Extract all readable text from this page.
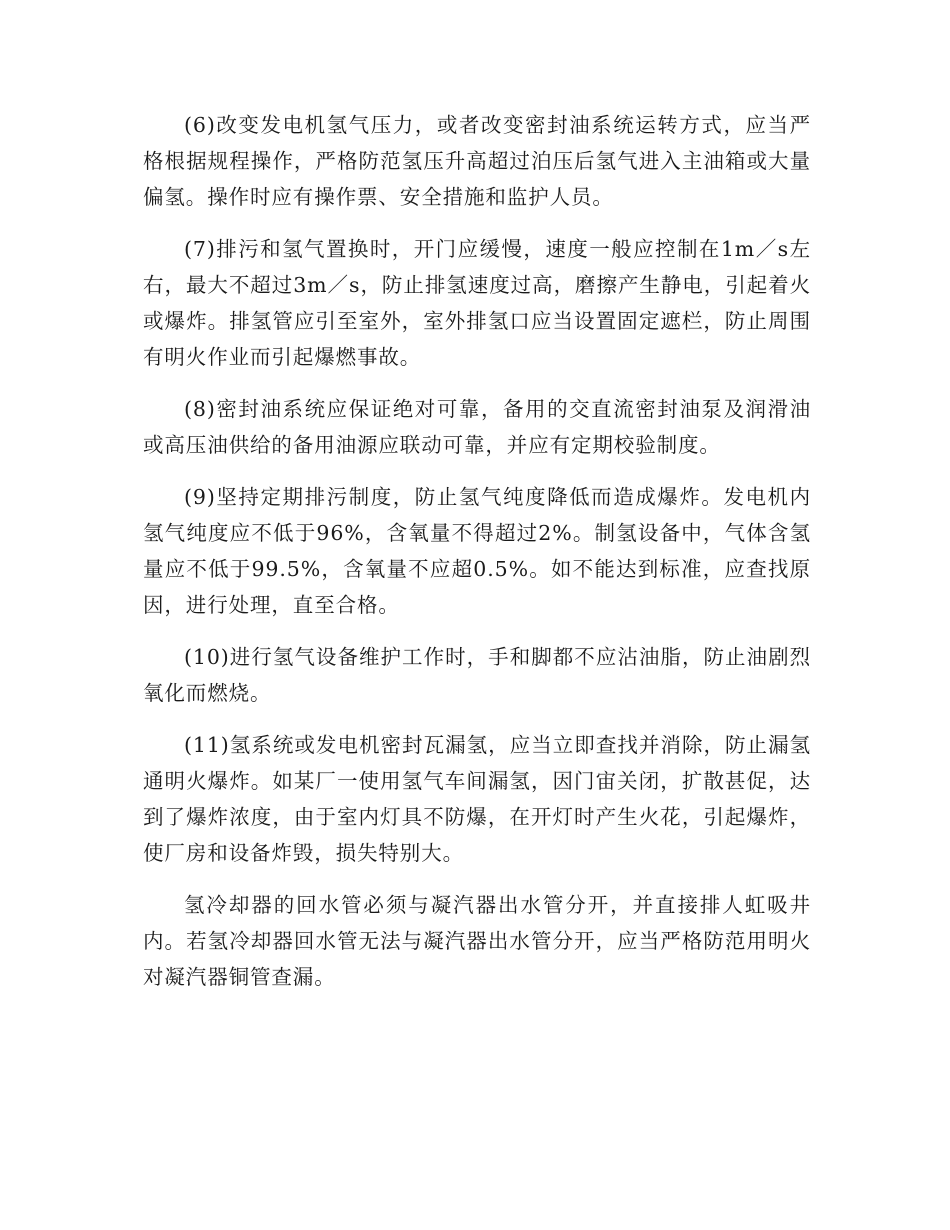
(6)改变发电机氢气压力，或者改变密封油系统运转方式，应当严格根据规程操作，严格防范氢压升高超过泊压后氢气进入主油箱或大量偏氢。操作时应有操作票、安全措施和监护人员。

(7)排污和氢气置换时，开门应缓慢，速度一般应控制在1m／s左右，最大不超过3m／s，防止排氢速度过高，磨擦产生静电，引起着火或爆炸。排氢管应引至室外，室外排氢口应当设置固定遮栏，防止周围有明火作业而引起爆燃事故。

(8)密封油系统应保证绝对可靠，备用的交直流密封油泵及润滑油或高压油供给的备用油源应联动可靠，并应有定期校验制度。

(9)坚持定期排污制度，防止氢气纯度降低而造成爆炸。发电机内氢气纯度应不低于96%，含氧量不得超过2%。制氢设备中，气体含氢量应不低于99.5%，含氧量不应超0.5%。如不能达到标准，应查找原因，进行处理，直至合格。

(10)进行氢气设备维护工作时，手和脚都不应沾油脂，防止油剧烈氧化而燃烧。

(11)氢系统或发电机密封瓦漏氢，应当立即查找并消除，防止漏氢通明火爆炸。如某厂一使用氢气车间漏氢，因门宙关闭，扩散甚促，达到了爆炸浓度，由于室内灯具不防爆，在开灯时产生火花，引起爆炸，使厂房和设备炸毁，损失特别大。

氢冷却器的回水管必须与凝汽器出水管分开，并直接排人虹吸井内。若氢冷却器回水管无法与凝汽器出水管分开，应当严格防范用明火对凝汽器铜管查漏。
